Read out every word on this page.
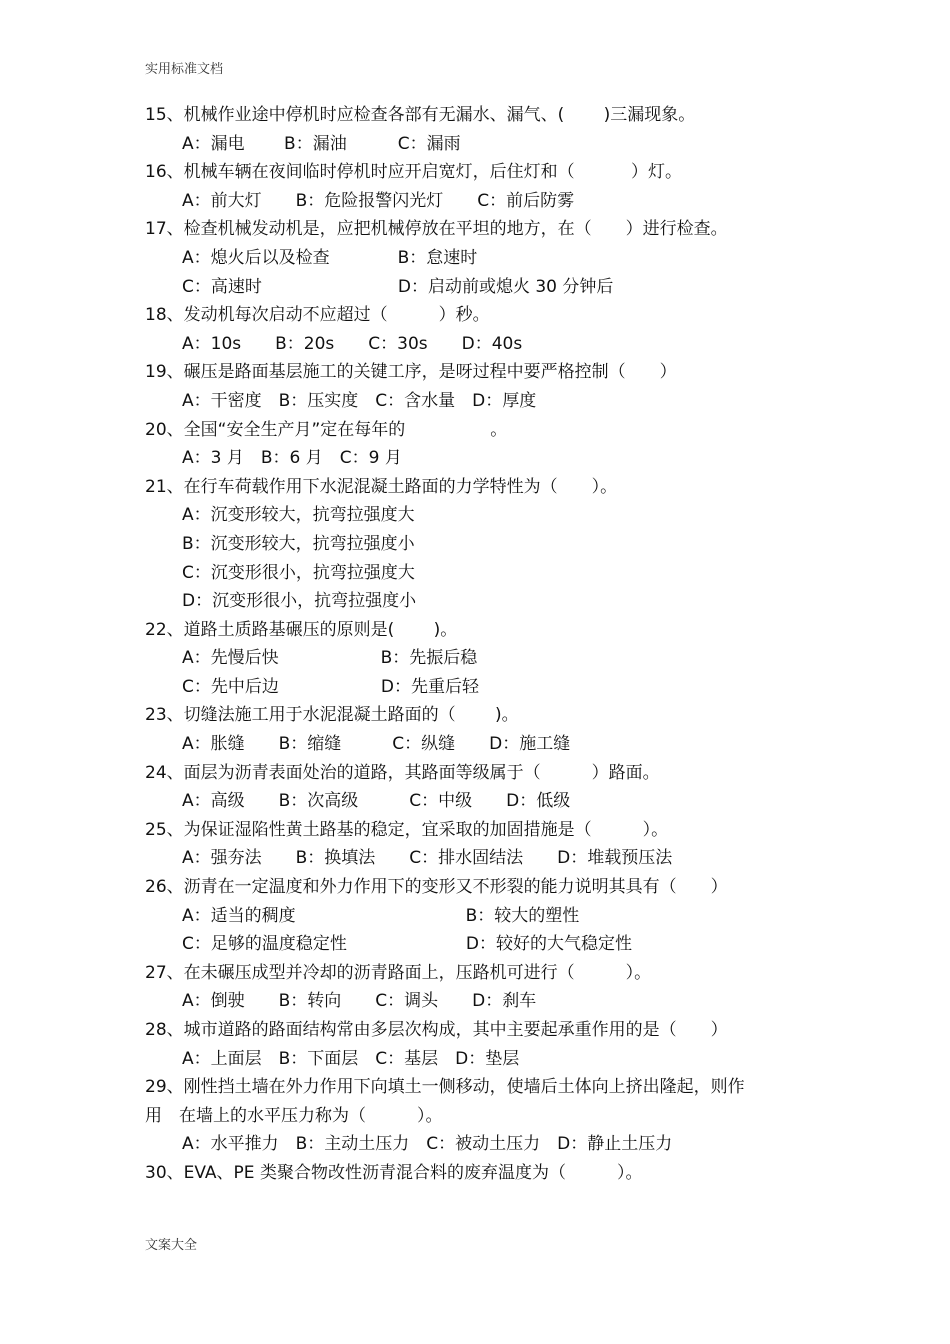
实用标准文档
15、机械作业途中停机时应检查各部有无漏水、漏气、(　　 )三漏现象。
A：漏电　　 B：漏油　　　C：漏雨
16、机械车辆在夜间临时停机时应开启宽灯，后住灯和（　　　 ）灯。
A：前大灯　　B：危险报警闪光灯　　C：前后防雾
17、检查机械发动机是，应把机械停放在平坦的地方，在（　　）进行检查。
A：熄火后以及检查　　　　B：怠速时
C：高速时　　　　　　　　D：启动前或熄火 30 分钟后
18、发动机每次启动不应超过（　　　）秒。
A：10s　　B：20s　　C：30s　　D：40s
19、碾压是路面基层施工的关键工序，是呀过程中要严格控制（　　）
A：干密度　B：压实度　C：含水量　D：厚度
20、全国“安全生产月”定在每年的　　　　　。
A：3 月　B：6 月　C：9 月
21、在行车荷载作用下水泥混凝土路面的力学特性为（　　）。
A：沉变形较大，抗弯拉强度大
B：沉变形较大，抗弯拉强度小
C：沉变形很小，抗弯拉强度大
D：沉变形很小，抗弯拉强度小
22、道路土质路基碾压的原则是(　　 )。
A：先慢后快　　　　　　B：先振后稳
C：先中后边　　　　　　D：先重后轻
23、切缝法施工用于水泥混凝土路面的（　　 )。
A：胀缝　　B：缩缝　　　C：纵缝　　D：施工缝
24、面层为沥青表面处治的道路，其路面等级属于（　　　）路面。
A：高级　　B：次高级　　　C：中级　　D：低级
25、为保证湿陷性黄土路基的稳定，宜采取的加固措施是（　　　）。
A：强夯法　　B：换填法　　C：排水固结法　　D：堆载预压法
26、沥青在一定温度和外力作用下的变形又不形裂的能力说明其具有（　　）
A：适当的稠度　　　　　　　　　　B：较大的塑性
C：足够的温度稳定性　　　　　　　D：较好的大气稳定性
27、在未碾压成型并冷却的沥青路面上，压路机可进行（　　　）。
A：倒驶　　B：转向　　C：调头　　D：刹车
28、城市道路的路面结构常由多层次构成，其中主要起承重作用的是（　　）
A：上面层　B：下面层　C：基层　D：垫层
29、刚性挡土墙在外力作用下向填土一侧移动，使墙后土体向上挤出隆起，则作
用　在墙上的水平压力称为（　　　）。
A：水平推力　B：主动土压力　C：被动土压力　D：静止土压力
30、EVA、PE 类聚合物改性沥青混合料的废弃温度为（　　　）。
文案大全
